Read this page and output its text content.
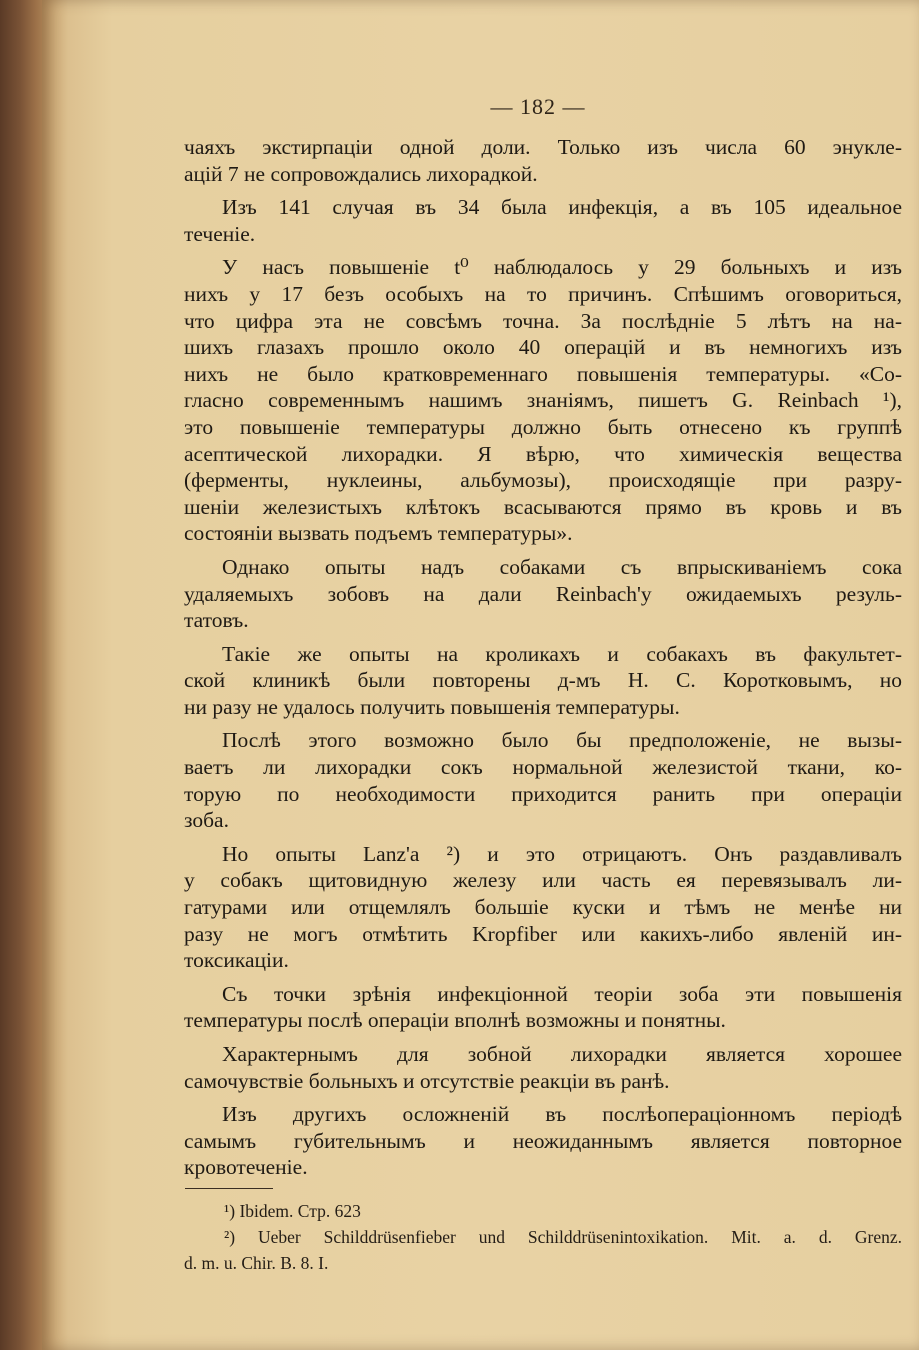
— 182 —

чаяхъ экстирпаціи одной доли. Только изъ числа 60 энукле-
ацій 7 не сопровождались лихорадкой.

Изъ 141 случая въ 34 была инфекція, а въ 105 идеальное
теченіе.

У насъ повышеніе t⁰ наблюдалось у 29 больныхъ и изъ
нихъ у 17 безъ особыхъ на то причинъ. Спѣшимъ оговориться,
что цифра эта не совсѣмъ точна. За послѣдніе 5 лѣтъ на на-
шихъ глазахъ прошло около 40 операцій и въ немногихъ изъ
нихъ не было кратковременнаго повышенія температуры. «Со-
гласно современнымъ нашимъ знаніямъ, пишетъ G. Reinbach ¹),
это повышеніе температуры должно быть отнесено къ группѣ
асептической лихорадки. Я вѣрю, что химическія вещества
(ферменты, нуклеины, альбумозы), происходящіе при разру-
шеніи железистыхъ клѣтокъ всасываются прямо въ кровь и въ
состояніи вызвать подъемъ температуры».

Однако опыты надъ собаками съ впрыскиваніемъ сока
удаляемыхъ зобовъ на дали Reinbach'у ожидаемыхъ резуль-
татовъ.

Такіе же опыты на кроликахъ и собакахъ въ факультет-
ской клиникѣ были повторены д-мъ Н. С. Коротковымъ, но
ни разу не удалось получить повышенія температуры.

Послѣ этого возможно было бы предположеніе, не вызы-
ваетъ ли лихорадки сокъ нормальной железистой ткани, ко-
торую по необходимости приходится ранить при операціи
зоба.

Но опыты Lanz'a ²) и это отрицаютъ. Онъ раздавливалъ
у собакъ щитовидную железу или часть ея перевязывалъ ли-
гатурами или отщемлялъ большіе куски и тѣмъ не менѣе ни
разу не могъ отмѣтить Kropfiber или какихъ-либо явленій ин-
токсикаціи.

Съ точки зрѣнія инфекціонной теоріи зоба эти повышенія
температуры послѣ операціи вполнѣ возможны и понятны.

Характернымъ для зобной лихорадки является хорошее
самочувствіе больныхъ и отсутствіе реакціи въ ранѣ.

Изъ другихъ осложненій въ послѣопераціонномъ періодѣ
самымъ губительнымъ и неожиданнымъ является повторное
кровотеченіе.

¹) Ibidem. Стр. 623
²) Ueber Schilddrüsenfieber und Schilddrüsenintoxikation. Mit. a. d. Grenz.
d. m. u. Chir. B. 8. I.
